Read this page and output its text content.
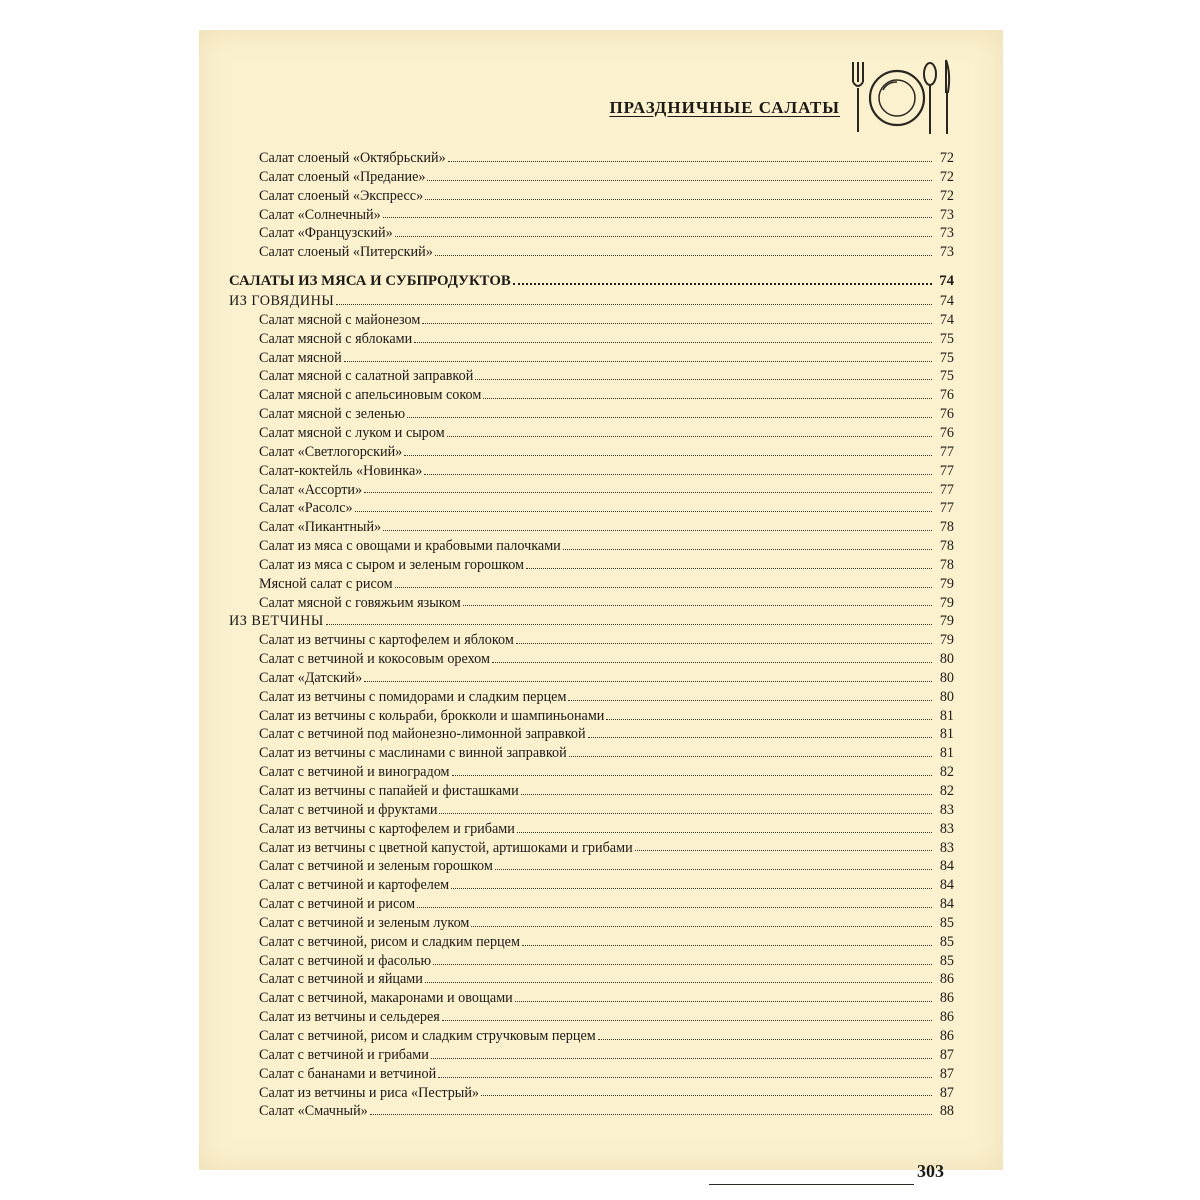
ПРАЗДНИЧНЫЕ САЛАТЫ
Салат слоеный «Октябрьский»	72
Салат слоеный «Предание»	72
Салат слоеный «Экспресс»	72
Салат «Солнечный»	73
Салат «Французский»	73
Салат слоеный «Питерский»	73
САЛАТЫ ИЗ МЯСА И СУБПРОДУКТОВ	74
ИЗ ГОВЯДИНЫ	74
Салат мясной с майонезом	74
Салат мясной с яблоками	75
Салат мясной	75
Салат мясной с салатной заправкой	75
Салат мясной с апельсиновым соком	76
Салат мясной с зеленью	76
Салат мясной с луком и сыром	76
Салат «Светлогорский»	77
Салат-коктейль «Новинка»	77
Салат «Ассорти»	77
Салат «Расолс»	77
Салат «Пикантный»	78
Салат из мяса с овощами и крабовыми палочками	78
Салат из мяса с сыром и зеленым горошком	78
Мясной салат с рисом	79
Салат мясной с говяжьим языком	79
ИЗ ВЕТЧИНЫ	79
Салат из ветчины с картофелем и яблоком	79
Салат с ветчиной и кокосовым орехом	80
Салат «Датский»	80
Салат из ветчины с помидорами и сладким перцем	80
Салат из ветчины с кольраби, брокколи и шампиньонами	81
Салат с ветчиной под майонезно-лимонной заправкой	81
Салат из ветчины с маслинами с винной заправкой	81
Салат с ветчиной и виноградом	82
Салат из ветчины с папайей и фисташками	82
Салат с ветчиной и фруктами	83
Салат из ветчины с картофелем и грибами	83
Салат из ветчины с цветной капустой, артишоками и грибами	83
Салат с ветчиной и зеленым горошком	84
Салат с ветчиной и картофелем	84
Салат с ветчиной и рисом	84
Салат с ветчиной и зеленым луком	85
Салат с ветчиной, рисом и сладким перцем	85
Салат с ветчиной и фасолью	85
Салат с ветчиной и яйцами	86
Салат с ветчиной, макаронами и овощами	86
Салат из ветчины и сельдерея	86
Салат с ветчиной, рисом и сладким стручковым перцем	86
Салат с ветчиной и грибами	87
Салат с бананами и ветчиной	87
Салат из ветчины и риса «Пестрый»	87
Салат «Смачный»	88
303
